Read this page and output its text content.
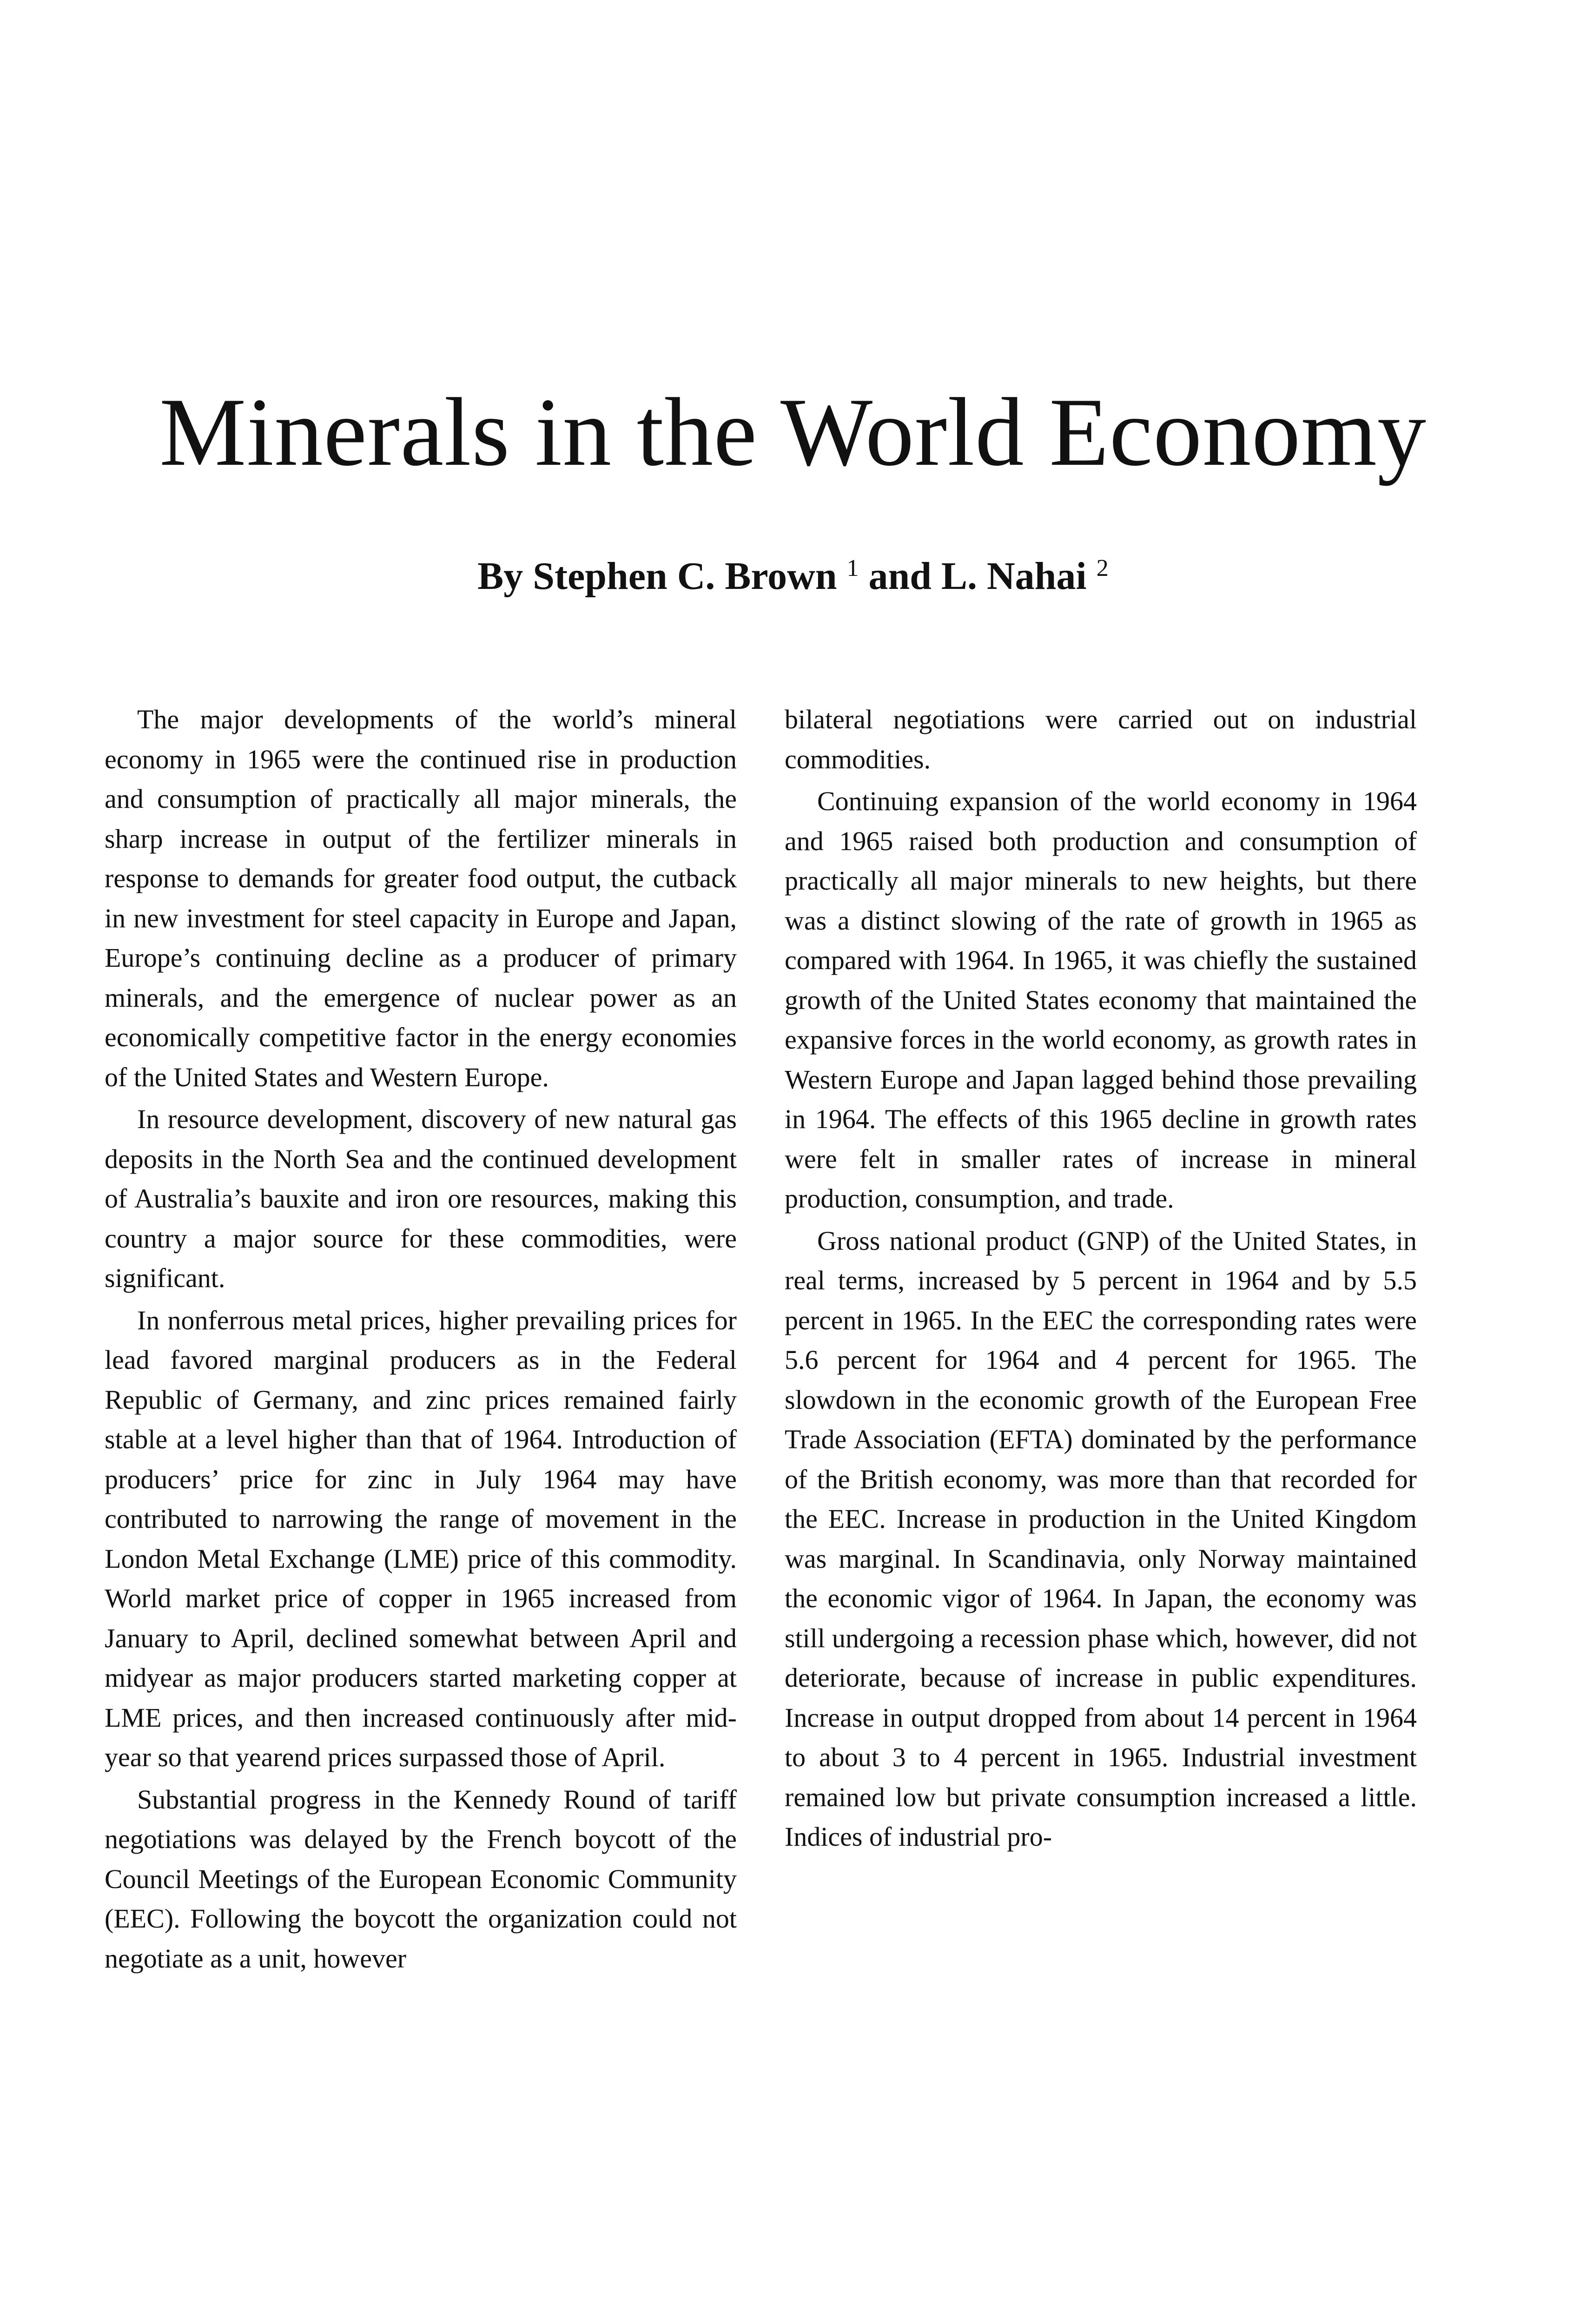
Minerals in the World Economy
By Stephen C. Brown $^1$ and L. Nahai $^2$

The major developments of the world’s mineral economy in 1965 were the continued rise in production and consumption of practically all major minerals, the sharp increase in output of the fertilizer minerals in response to demands for greater food output, the cutback in new investment for steel capacity in Europe and Japan, Europe’s continuing decline as a producer of primary minerals, and the emergence of nuclear power as an economically competitive factor in the energy economies of the United States and Western Europe.

In resource development, discovery of new natural gas deposits in the North Sea and the continued development of Australia’s bauxite and iron ore resources, making this country a major source for these commodities, were significant.

In nonferrous metal prices, higher prevailing prices for lead favored marginal producers as in the Federal Republic of Germany, and zinc prices remained fairly stable at a level higher than that of 1964. Introduction of producers’ price for zinc in July 1964 may have contributed to narrowing the range of movement in the London Metal Exchange (LME) price of this commodity. World market price of copper in 1965 increased from January to April, declined somewhat between April and midyear as major producers started marketing copper at LME prices, and then increased continuously after mid-year so that yearend prices surpassed those of April.

Substantial progress in the Kennedy Round of tariff negotiations was delayed by the French boycott of the Council Meetings of the European Economic Community (EEC). Following the boycott the organization could not negotiate as a unit, however

bilateral negotiations were carried out on industrial commodities.

Continuing expansion of the world economy in 1964 and 1965 raised both production and consumption of practically all major minerals to new heights, but there was a distinct slowing of the rate of growth in 1965 as compared with 1964. In 1965, it was chiefly the sustained growth of the United States economy that maintained the expansive forces in the world economy, as growth rates in Western Europe and Japan lagged behind those prevailing in 1964. The effects of this 1965 decline in growth rates were felt in smaller rates of increase in mineral production, consumption, and trade.

Gross national product (GNP) of the United States, in real terms, increased by 5 percent in 1964 and by 5.5 percent in 1965. In the EEC the corresponding rates were 5.6 percent for 1964 and 4 percent for 1965. The slowdown in the economic growth of the European Free Trade Association (EFTA) dominated by the performance of the British economy, was more than that recorded for the EEC. Increase in production in the United Kingdom was marginal. In Scandinavia, only Norway maintained the economic vigor of 1964. In Japan, the economy was still undergoing a recession phase which, however, did not deteriorate, because of increase in public expenditures. Increase in output dropped from about 14 percent in 1964 to about 3 to 4 percent in 1965. Industrial investment remained low but private consumption increased a little. Indices of industrial pro-
